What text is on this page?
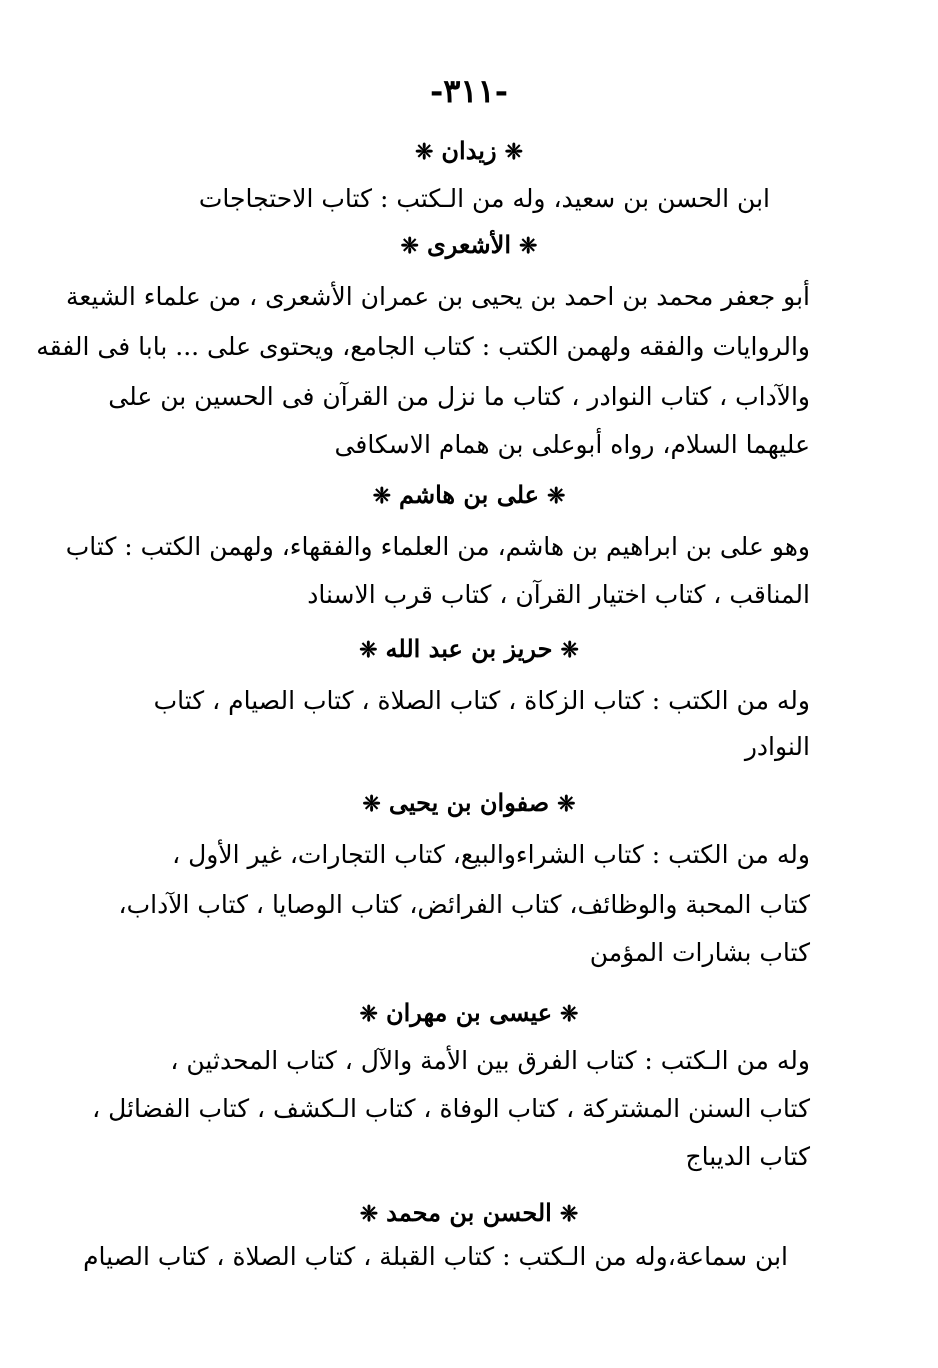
-٣١١-
❈زيدان❈
ابن الحسن بن سعيد، وله من الـكتب : كتاب الاحتجاجات
❈الأشعرى❈
أبو جعفر محمد بن احمد بن يحيى بن عمران الأشعرى ، من علماء الشيعة
والروايات والفقه ولهمن الكتب : كتاب الجامع، ويحتوى على ... بابا فى الفقه
والآداب ، كتاب النوادر ، كتاب ما نزل من القرآن فى الحسين بن على
عليهما السلام، رواه أبوعلى بن همام الاسكافى
❈على بن هاشم❈
وهو على بن ابراهيم بن هاشم، من العلماء والفقهاء، ولهمن الكتب : كتاب
المناقب ، كتاب اختيار القرآن ، كتاب قرب الاسناد
❈حريز بن عبد الله❈
وله من الكتب : كتاب الزكاة ، كتاب الصلاة ، كتاب الصيام ، كتاب
النوادر
❈صفوان بن يحيى❈
وله من الكتب : كتاب الشراءوالبيع، كتاب التجارات، غير الأول ،
كتاب المحبة والوظائف، كتاب الفرائض، كتاب الوصايا ، كتاب الآداب،
كتاب بشارات المؤمن
❈عيسى بن مهران❈
وله من الـكتب : كتاب الفرق بين الأمة والآل ، كتاب المحدثين ،
كتاب السنن المشتركة ، كتاب الوفاة ، كتاب الـكشف ، كتاب الفضائل ،
كتاب الديباج
❈الحسن بن محمد❈
ابن سماعة،وله من الـكتب : كتاب القبلة ، كتاب الصلاة ، كتاب الصيام
